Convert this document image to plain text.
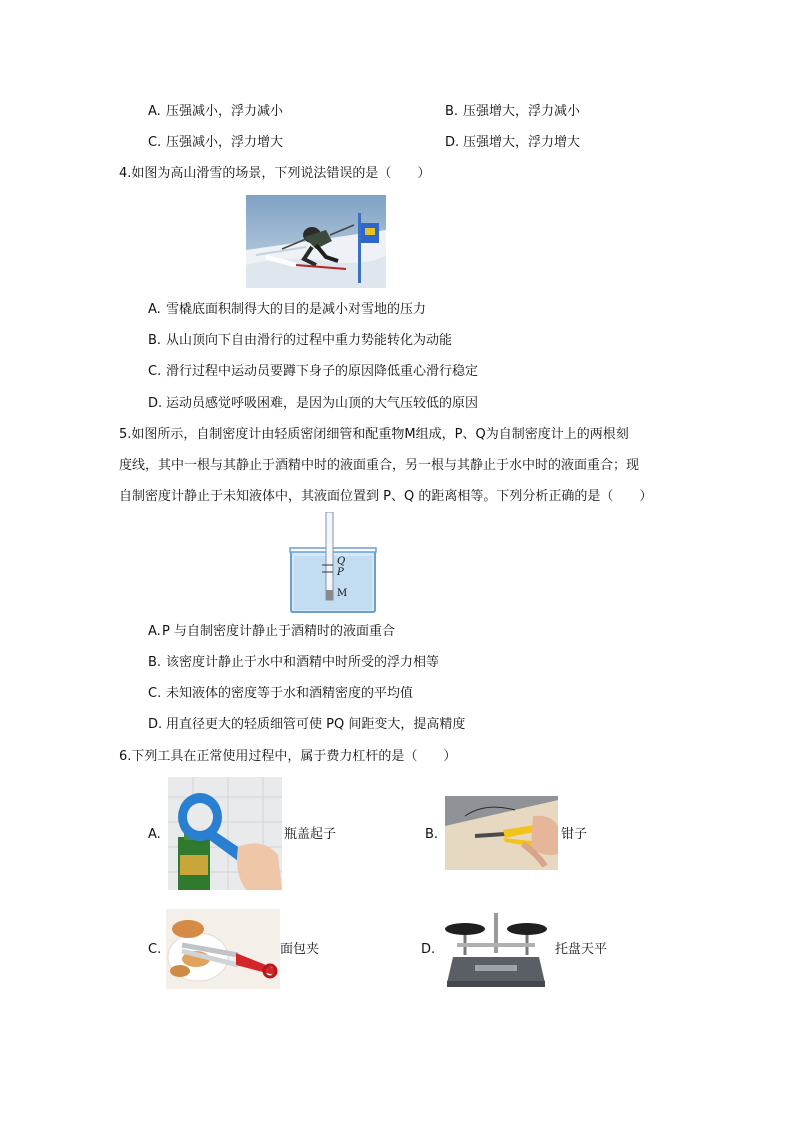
A. 压强减小，浮力减小	B. 压强增大，浮力减小
C. 压强减小，浮力增大	D. 压强增大，浮力增大
4.如图为高山滑雪的场景，下列说法错误的是（　　）
A. 雪橇底面积制得大的目的是减小对雪地的压力
B. 从山顶向下自由滑行的过程中重力势能转化为动能
C. 滑行过程中运动员要蹲下身子的原因降低重心滑行稳定
D. 运动员感觉呼吸困难，是因为山顶的大气压较低的原因
5.如图所示，自制密度计由轻质密闭细管和配重物M组成，P、Q为自制密度计上的两根刻
度线，其中一根与其静止于酒精中时的液面重合，另一根与其静止于水中时的液面重合；现
自制密度计静止于未知液体中，其液面位置到 P、Q 的距离相等。下列分析正确的是（　　）
Q
P
M
A. P 与自制密度计静止于酒精时的液面重合
B. 该密度计静止于水中和酒精中时所受的浮力相等
C. 未知液体的密度等于水和酒精密度的平均值
D. 用直径更大的轻质细管可使 PQ 间距变大，提高精度
6.下列工具在正常使用过程中，属于费力杠杆的是（　　）
A.	瓶盖起子	B.	钳子
C.	面包夹	D.	托盘天平
